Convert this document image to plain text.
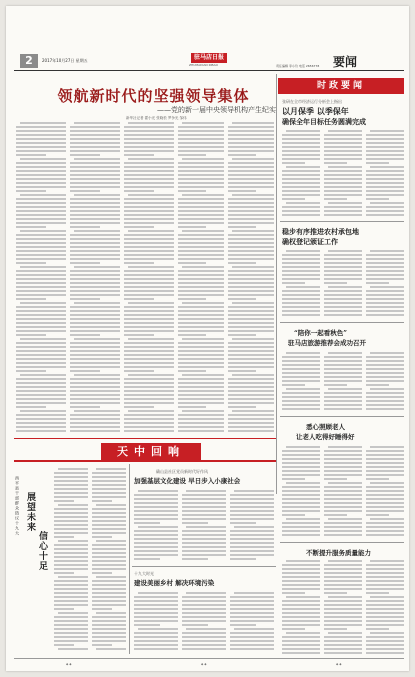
2	2017年10月27日 星期五	驻马店日报
ZHUMADIAN RIBAO	要闻
责任编辑 李小玲 电话 2656778
领航新时代的坚强领导集体
——党的新一届中央领导机构产生纪实
新华社记者 霍小光 张晓松 罗争光 邹伟
时政要闻
张研在全市经济运行分析会上指出
以月保季 以季保年
确保全年目标任务圆满完成
稳步有序推进农村承包地
确权登记颁证工作
“陪你一起看秋色”
驻马店旅游推荐会成功召开
悉心照顾老人
让老人吃得好睡得好
不断提升服务质量能力
天中回响
展望未来
信心十足
西平县干部群众热议十九大
确山县社区党员新时代好作风
加强基层文化建设 早日步入小康社会
十九大时光
建设美丽乡村 解决环境污染
◆ ◆	◆ ◆	◆ ◆
